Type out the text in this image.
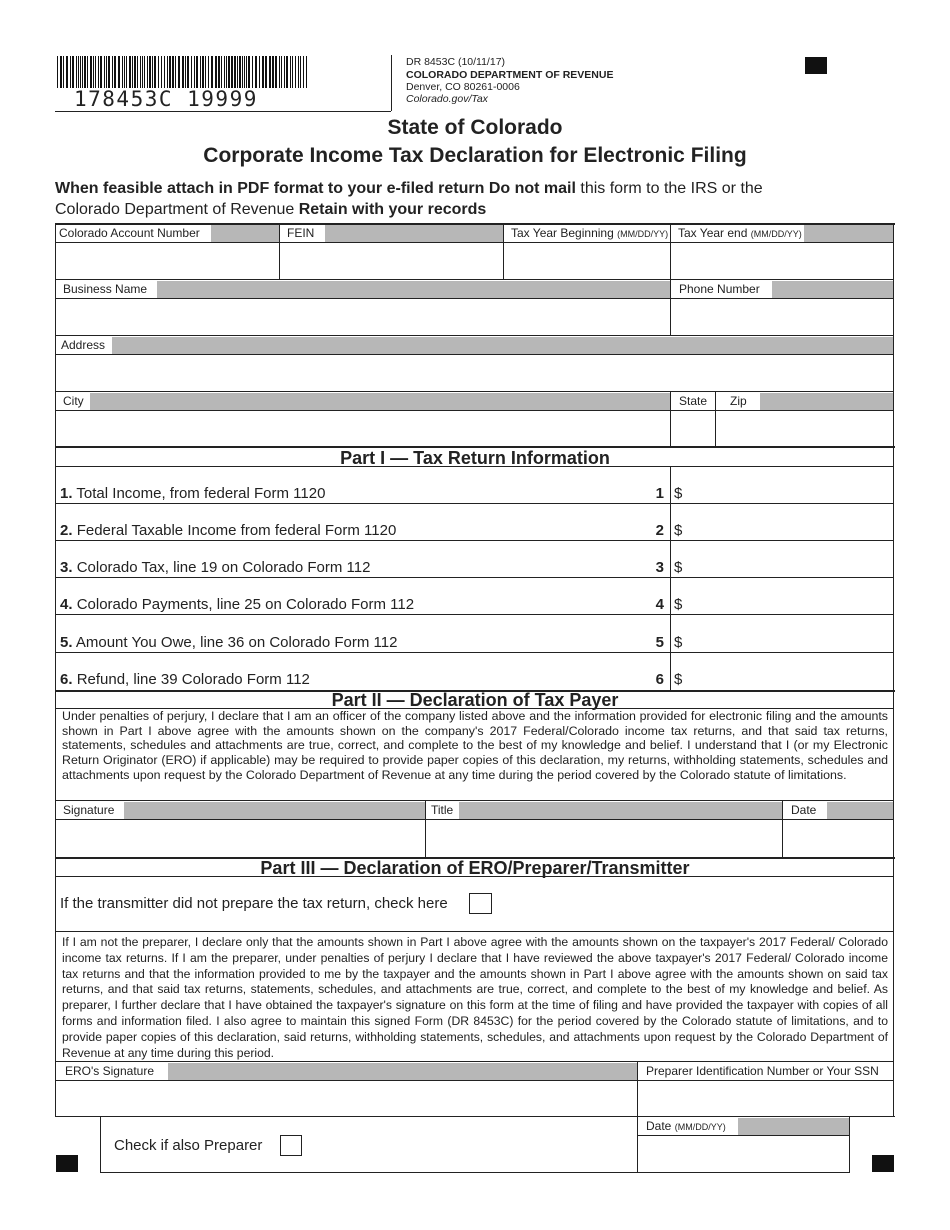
178453C 19999
DR 8453C (10/11/17)
COLORADO DEPARTMENT OF REVENUE
Denver, CO 80261-0006
Colorado.gov/Tax
State of Colorado
Corporate Income Tax Declaration for Electronic Filing
When feasible attach in PDF format to your e-filed return Do not mail this form to the IRS or the
Colorado Department of Revenue Retain with your records
Colorado Account Number	FEIN	Tax Year Beginning (MM/DD/YY) Tax Year end (MM/DD/YY)
Business Name	Phone Number
Address
City	State Zip
Part I — Tax Return Information
1. Total Income, from federal Form 1120	1 $
2. Federal Taxable Income from federal Form 1120	2 $
3. Colorado Tax, line 19 on Colorado Form 112	3 $
4. Colorado Payments, line 25 on Colorado Form 112	4 $
5. Amount You Owe, line 36 on Colorado Form 112	5 $
6. Refund, line 39 Colorado Form 112	6 $
Part II — Declaration of Tax Payer
Under penalties of perjury, I declare that I am an officer of the company listed above and the information provided for electronic filing and the amounts shown in Part I above agree with the amounts shown on the company's 2017 Federal/Colorado income tax returns, and that said tax returns, statements, schedules and attachments are true, correct, and complete to the best of my knowledge and belief. I understand that I (or my Electronic Return Originator (ERO) if applicable) may be required to provide paper copies of this declaration, my returns, withholding statements, schedules and attachments upon request by the Colorado Department of Revenue at any time during the period covered by the Colorado statute of limitations.
Signature	Title	Date
Part III — Declaration of ERO/Preparer/Transmitter
If the transmitter did not prepare the tax return, check here
If I am not the preparer, I declare only that the amounts shown in Part I above agree with the amounts shown on the taxpayer's 2017 Federal/ Colorado income tax returns. If I am the preparer, under penalties of perjury I declare that I have reviewed the above taxpayer's 2017 Federal/ Colorado income tax returns and that the information provided to me by the taxpayer and the amounts shown in Part I above agree with the amounts shown on said tax returns, and that said tax returns, statements, schedules, and attachments are true, correct, and complete to the best of my knowledge and belief. As preparer, I further declare that I have obtained the taxpayer's signature on this form at the time of filing and have provided the taxpayer with copies of all forms and information filed. I also agree to maintain this signed Form (DR 8453C) for the period covered by the Colorado statute of limitations, and to provide paper copies of this declaration, said returns, withholding statements, schedules, and attachments upon request by the Colorado Department of Revenue at any time during this period.
ERO's Signature	Preparer Identification Number or Your SSN
Check if also Preparer
Date (MM/DD/YY)
